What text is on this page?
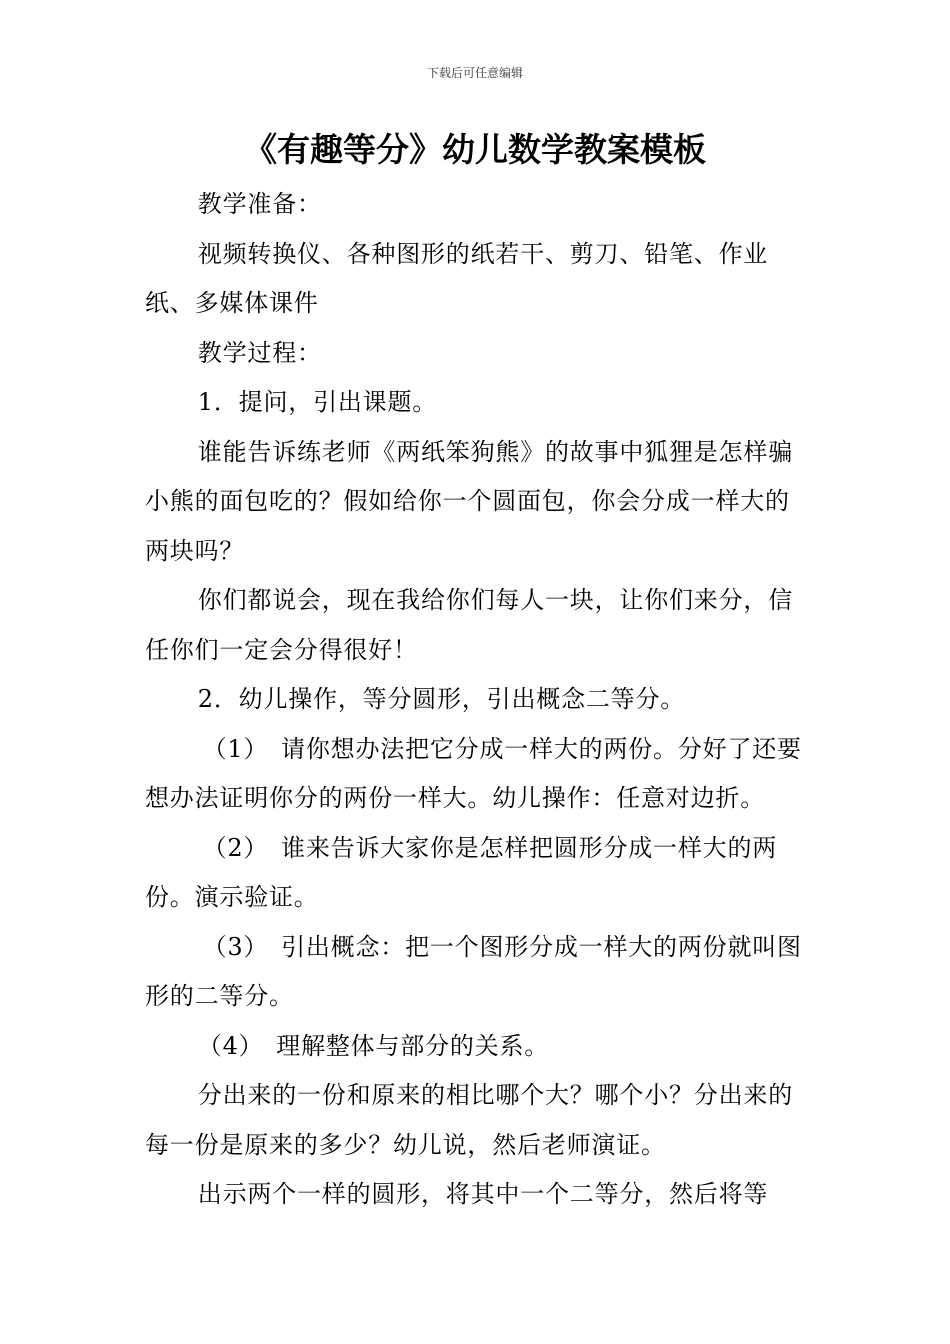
下载后可任意编辑

《有趣等分》幼儿数学教案模板

教学准备：

视频转换仪、各种图形的纸若干、剪刀、铅笔、作业纸、多媒体课件

教学过程：

1．提问，引出课题。

谁能告诉练老师《两纸笨狗熊》的故事中狐狸是怎样骗小熊的面包吃的？假如给你一个圆面包，你会分成一样大的两块吗？

你们都说会，现在我给你们每人一块，让你们来分，信任你们一定会分得很好！

2．幼儿操作，等分圆形，引出概念二等分。

（1）　请你想办法把它分成一样大的两份。分好了还要想办法证明你分的两份一样大。幼儿操作：任意对边折。

（2）　谁来告诉大家你是怎样把圆形分成一样大的两份。演示验证。

（3）　引出概念：把一个图形分成一样大的两份就叫图形的二等分。

（4）　理解整体与部分的关系。

分出来的一份和原来的相比哪个大？哪个小？分出来的每一份是原来的多少？幼儿说，然后老师演证。

出示两个一样的圆形，将其中一个二等分，然后将等
